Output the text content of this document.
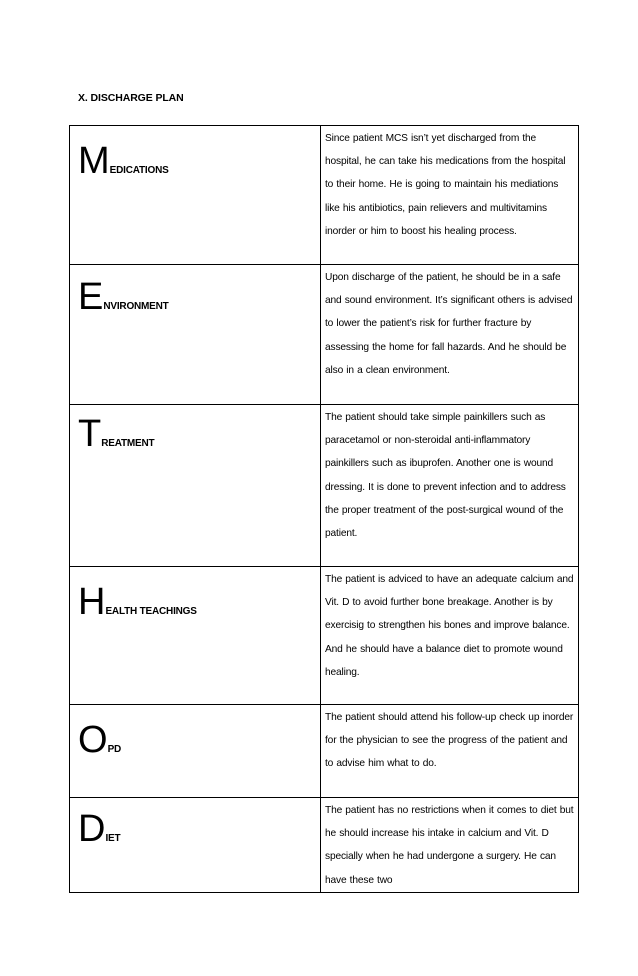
X. DISCHARGE PLAN
MEDICATIONS	Since patient MCS isn’t yet discharged from the hospital, he can take his medications from the hospital to their home. He is going to maintain his mediations like his antibiotics, pain relievers and multivitamins inorder or him to boost his healing process.

ENVIRONMENT	Upon discharge of the patient, he should be in a safe and sound environment. It’s significant others is advised to lower the patient’s risk for further fracture by assessing the home for fall hazards. And he should be also in a clean environment.

TREATMENT	The patient should take simple painkillers such as paracetamol or non-steroidal anti-inflammatory painkillers such as ibuprofen. Another one is wound dressing. It is done to prevent infection and to address the proper treatment of the post-surgical wound of the patient.

HEALTH TEACHINGS	The patient is adviced to have an adequate calcium and Vit. D to avoid further bone breakage. Another is by exercisig to strengthen his bones and improve balance. And he should have a balance diet to promote wound healing.

OPD	The patient should attend his follow-up check up inorder for the physician to see the progress of the patient and to advise him what to do.

DIET	The patient has no restrictions when it comes to diet but he should increase his intake in calcium and Vit. D specially when he had undergone a surgery. He can have these two
